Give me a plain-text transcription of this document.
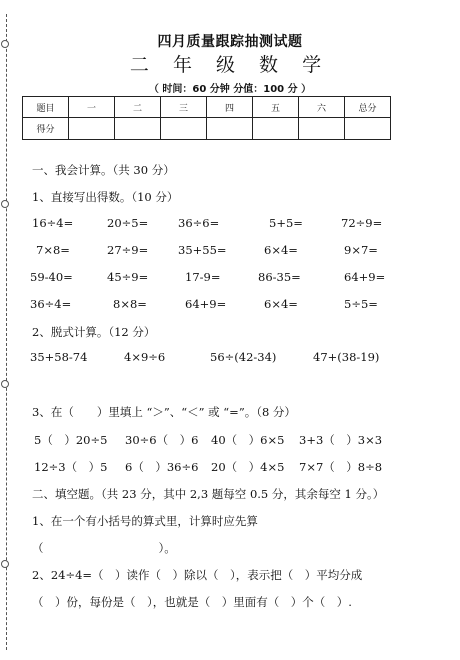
四月质量跟踪抽测试题
二 年 级 数 学
（ 时间：60 分钟 分值：100 分 ）
题目	一	二	三	四	五	六	总分
得分							
一、我会计算。（共 30 分）
1、直接写出得数。（10 分）
16÷4=	20÷5=	36÷6=	5+5=	72÷9=
7×8=	27÷9=	35+55=	6×4=	9×7=
59-40=	45÷9=	17-9=	86-35=	64+9=
36÷4=	8×8=	64+9=	6×4=	5÷5=
2、脱式计算。（12 分）
35+58-74	4×9÷6	56÷(42-34)	47+(38-19)
3、在（　　）里填上 “＞”、“＜” 或 “=”。（8 分）
5（　）20÷5 30÷6（　）6 40（　）6×5 3+3（　）3×3
12÷3（　）5 6（　）36÷6 20（　）4×5 7×7（　）8÷8
二、填空题。（共 23 分，其中 2,3 题每空 0.5 分，其余每空 1 分。）
1、在一个有小括号的算式里，计算时应先算
（　　　　　　　　　　）。
2、24÷4=（　）读作（　）除以（　），表示把（　）平均分成
（　）份，每份是（　），也就是（　）里面有（　）个（　）.
